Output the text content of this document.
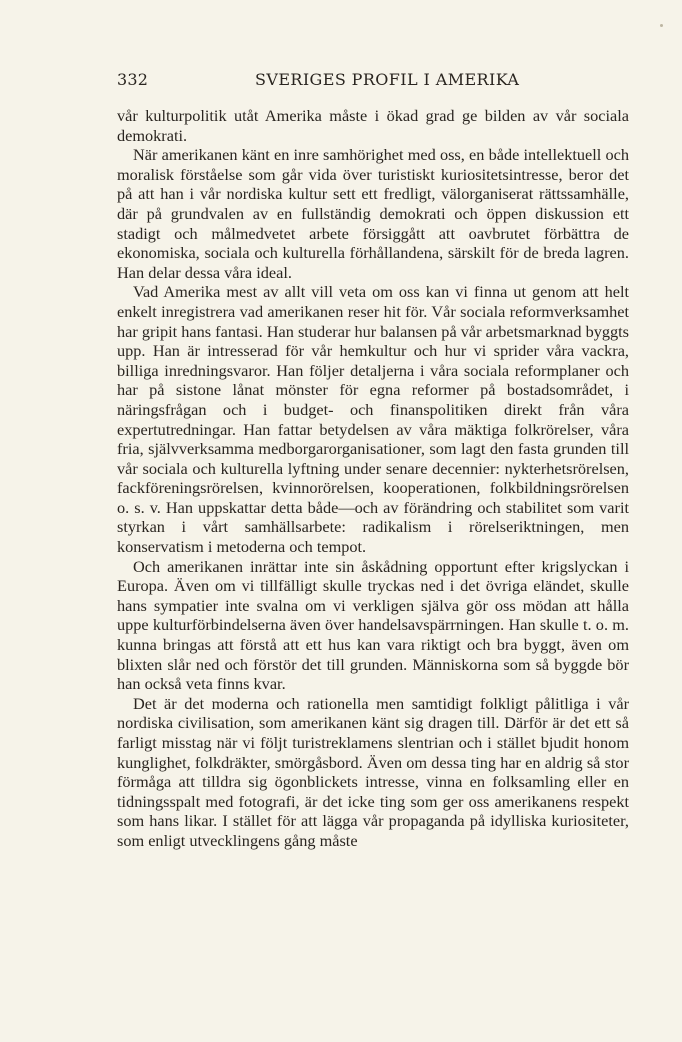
332	SVERIGES PROFIL I AMERIKA

vår kulturpolitik utåt Amerika måste i ökad grad ge bilden av vår sociala demokrati.

När amerikanen känt en inre samhörighet med oss, en både intellektuell och moralisk förståelse som går vida över turistiskt kuriositetsintresse, beror det på att han i vår nordiska kultur sett ett fredligt, välorganiserat rättssamhälle, där på grundvalen av en fullständig demokrati och öppen diskussion ett stadigt och målmedvetet arbete försiggått att oavbrutet förbättra de ekonomiska, sociala och kulturella förhållandena, särskilt för de breda lagren. Han delar dessa våra ideal.

Vad Amerika mest av allt vill veta om oss kan vi finna ut genom att helt enkelt inregistrera vad amerikanen reser hit för. Vår sociala reformverksamhet har gripit hans fantasi. Han studerar hur balansen på vår arbetsmarknad byggts upp. Han är intresserad för vår hemkultur och hur vi sprider våra vackra, billiga inredningsvaror. Han följer detaljerna i våra sociala reformplaner och har på sistone lånat mönster för egna reformer på bostadsområdet, i näringsfrågan och i budget- och finanspolitiken direkt från våra expertutredningar. Han fattar betydelsen av våra mäktiga folkrörelser, våra fria, självverksamma medborgarorganisationer, som lagt den fasta grunden till vår sociala och kulturella lyftning under senare decennier: nykterhetsrörelsen, fackföreningsrörelsen, kvinnorörelsen, kooperationen, folkbildningsrörelsen o. s. v. Han uppskattar detta både—och av förändring och stabilitet som varit styrkan i vårt samhällsarbete: radikalism i rörelseriktningen, men konservatism i metoderna och tempot.

Och amerikanen inrättar inte sin åskådning opportunt efter krigslyckan i Europa. Även om vi tillfälligt skulle tryckas ned i det övriga eländet, skulle hans sympatier inte svalna om vi verkligen själva gör oss mödan att hålla uppe kulturförbindelserna även över handelsavspärrningen. Han skulle t. o. m. kunna bringas att förstå att ett hus kan vara riktigt och bra byggt, även om blixten slår ned och förstör det till grunden. Människorna som så byggde bör han också veta finns kvar.

Det är det moderna och rationella men samtidigt folkligt pålitliga i vår nordiska civilisation, som amerikanen känt sig dragen till. Därför är det ett så farligt misstag när vi följt turistreklamens slentrian och i stället bjudit honom kunglighet, folkdräkter, smörgåsbord. Även om dessa ting har en aldrig så stor förmåga att tilldra sig ögonblickets intresse, vinna en folksamling eller en tidningsspalt med fotografi, är det icke ting som ger oss amerikanens respekt som hans likar. I stället för att lägga vår propaganda på idylliska kuriositeter, som enligt utvecklingens gång måste
